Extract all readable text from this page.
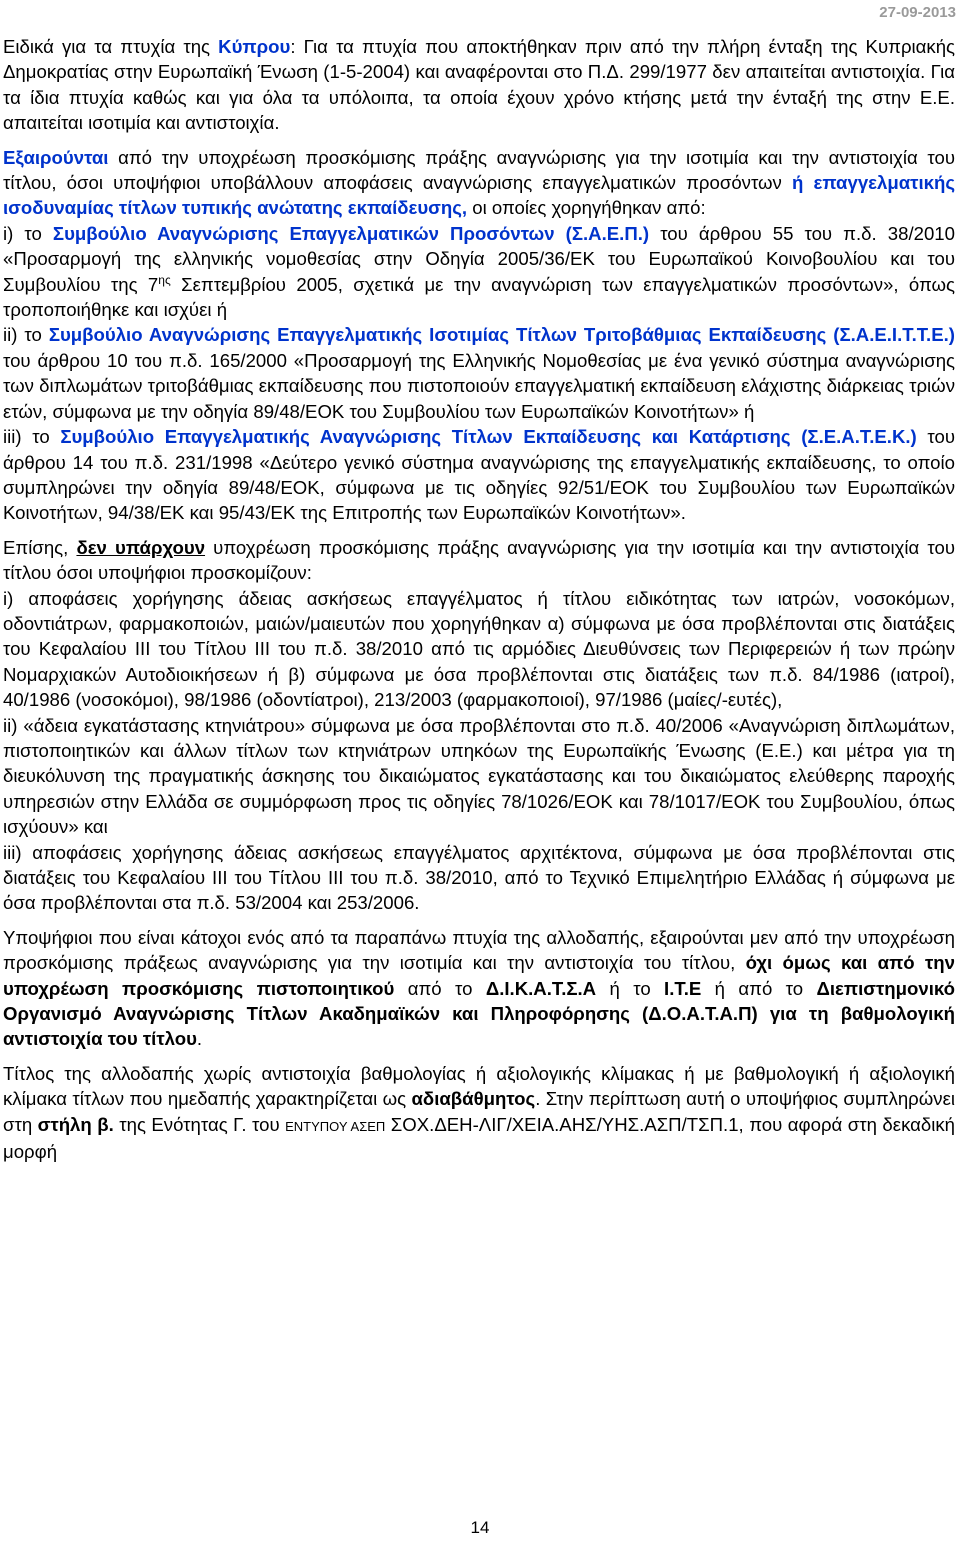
27-09-2013

Ειδικά για τα πτυχία της Κύπρου: Για τα πτυχία που αποκτήθηκαν πριν από την πλήρη ένταξη της Κυπριακής Δημοκρατίας στην Ευρωπαϊκή Ένωση (1-5-2004) και αναφέρονται στο Π.Δ. 299/1977 δεν απαιτείται αντιστοιχία. Για τα ίδια πτυχία καθώς και για όλα τα υπόλοιπα, τα οποία έχουν χρόνο κτήσης μετά την ένταξή της στην Ε.Ε. απαιτείται ισοτιμία και αντιστοιχία.

Εξαιρούνται από την υποχρέωση προσκόμισης πράξης αναγνώρισης για την ισοτιμία και την αντιστοιχία του τίτλου, όσοι υποψήφιοι υποβάλλουν αποφάσεις αναγνώρισης επαγγελματικών προσόντων ή επαγγελματικής ισοδυναμίας τίτλων τυπικής ανώτατης εκπαίδευσης, οι οποίες χορηγήθηκαν από:

i) το Συμβούλιο Αναγνώρισης Επαγγελματικών Προσόντων (Σ.Α.Ε.Π.) του άρθρου 55 του π.δ. 38/2010 «Προσαρμογή της ελληνικής νομοθεσίας στην Οδηγία 2005/36/ΕΚ του Ευρωπαϊκού Κοινοβουλίου και του Συμβουλίου της $7^{\eta\varsigma}$ Σεπτεμβρίου 2005, σχετικά με την αναγνώριση των επαγγελματικών προσόντων», όπως τροποποιήθηκε και ισχύει ή

ii) το Συμβούλιο Αναγνώρισης Επαγγελματικής Ισοτιμίας Τίτλων Τριτοβάθμιας Εκπαίδευσης (Σ.Α.Ε.Ι.Τ.Τ.Ε.) του άρθρου 10 του π.δ. 165/2000 «Προσαρμογή της Ελληνικής Νομοθεσίας με ένα γενικό σύστημα αναγνώρισης των διπλωμάτων τριτοβάθμιας εκπαίδευσης που πιστοποιούν επαγγελματική εκπαίδευση ελάχιστης διάρκειας τριών ετών, σύμφωνα με την οδηγία 89/48/ΕΟΚ του Συμβουλίου των Ευρωπαϊκών Κοινοτήτων» ή

iii) το Συμβούλιο Επαγγελματικής Αναγνώρισης Τίτλων Εκπαίδευσης και Κατάρτισης (Σ.Ε.Α.Τ.Ε.Κ.) του άρθρου 14 του π.δ. 231/1998 «Δεύτερο γενικό σύστημα αναγνώρισης της επαγγελματικής εκπαίδευσης, το οποίο συμπληρώνει την οδηγία 89/48/ΕΟΚ, σύμφωνα με τις οδηγίες 92/51/ΕΟΚ του Συμβουλίου των Ευρωπαϊκών Κοινοτήτων, 94/38/ΕΚ και 95/43/ΕΚ της Επιτροπής των Ευρωπαϊκών Κοινοτήτων».

Επίσης, δεν υπάρχουν υποχρέωση προσκόμισης πράξης αναγνώρισης για την ισοτιμία και την αντιστοιχία του τίτλου όσοι υποψήφιοι προσκομίζουν:

i) αποφάσεις χορήγησης άδειας ασκήσεως επαγγέλματος ή τίτλου ειδικότητας των ιατρών, νοσοκόμων, οδοντιάτρων, φαρμακοποιών, μαιών/μαιευτών που χορηγήθηκαν α) σύμφωνα με όσα προβλέπονται στις διατάξεις του Κεφαλαίου ΙΙΙ του Τίτλου ΙΙΙ του π.δ. 38/2010 από τις αρμόδιες Διευθύνσεις των Περιφερειών ή των πρώην Νομαρχιακών Αυτοδιοικήσεων ή β) σύμφωνα με όσα προβλέπονται στις διατάξεις των π.δ. 84/1986 (ιατροί), 40/1986 (νοσοκόμοι), 98/1986 (οδοντίατροι), 213/2003 (φαρμακοποιοί), 97/1986 (μαίες/-ευτές),

ii) «άδεια εγκατάστασης κτηνιάτρου» σύμφωνα με όσα προβλέπονται στο π.δ. 40/2006 «Αναγνώριση διπλωμάτων, πιστοποιητικών και άλλων τίτλων των κτηνιάτρων υπηκόων της Ευρωπαϊκής Ένωσης (Ε.Ε.) και μέτρα για τη διευκόλυνση της πραγματικής άσκησης του δικαιώματος εγκατάστασης και του δικαιώματος ελεύθερης παροχής υπηρεσιών στην Ελλάδα σε συμμόρφωση προς τις οδηγίες 78/1026/ΕΟΚ και 78/1017/ΕΟΚ του Συμβουλίου, όπως ισχύουν» και

iii) αποφάσεις χορήγησης άδειας ασκήσεως επαγγέλματος αρχιτέκτονα, σύμφωνα με όσα προβλέπονται στις διατάξεις του Κεφαλαίου ΙΙΙ του Τίτλου ΙΙΙ του π.δ. 38/2010, από το Τεχνικό Επιμελητήριο Ελλάδας ή σύμφωνα με όσα προβλέπονται στα π.δ. 53/2004 και 253/2006.

Υποψήφιοι που είναι κάτοχοι ενός από τα παραπάνω πτυχία της αλλοδαπής, εξαιρούνται μεν από την υποχρέωση προσκόμισης πράξεως αναγνώρισης για την ισοτιμία και την αντιστοιχία του τίτλου, όχι όμως και από την υποχρέωση προσκόμισης πιστοποιητικού από το Δ.Ι.Κ.Α.Τ.Σ.Α ή το Ι.Τ.Ε ή από το Διεπιστημονικό Οργανισμό Αναγνώρισης Τίτλων Ακαδημαϊκών και Πληροφόρησης (Δ.Ο.Α.Τ.Α.Π) για τη βαθμολογική αντιστοιχία του τίτλου.

Τίτλος της αλλοδαπής χωρίς αντιστοιχία βαθμολογίας ή αξιολογικής κλίμακας ή με βαθμολογική ή αξιολογική κλίμακα τίτλων που ημεδαπής χαρακτηρίζεται ως αδιαβάθμητος. Στην περίπτωση αυτή ο υποψήφιος συμπληρώνει στη στήλη β. της Ενότητας Γ. του ΕΝΤΥΠΟΥ ΑΣΕΠ ΣΟΧ.ΔΕΗ-ΛΙΓ/ΧΕΙΑ.ΑΗΣ/ΥΗΣ.ΑΣΠ/ΤΣΠ.1, που αφορά στη δεκαδική μορφή

14
